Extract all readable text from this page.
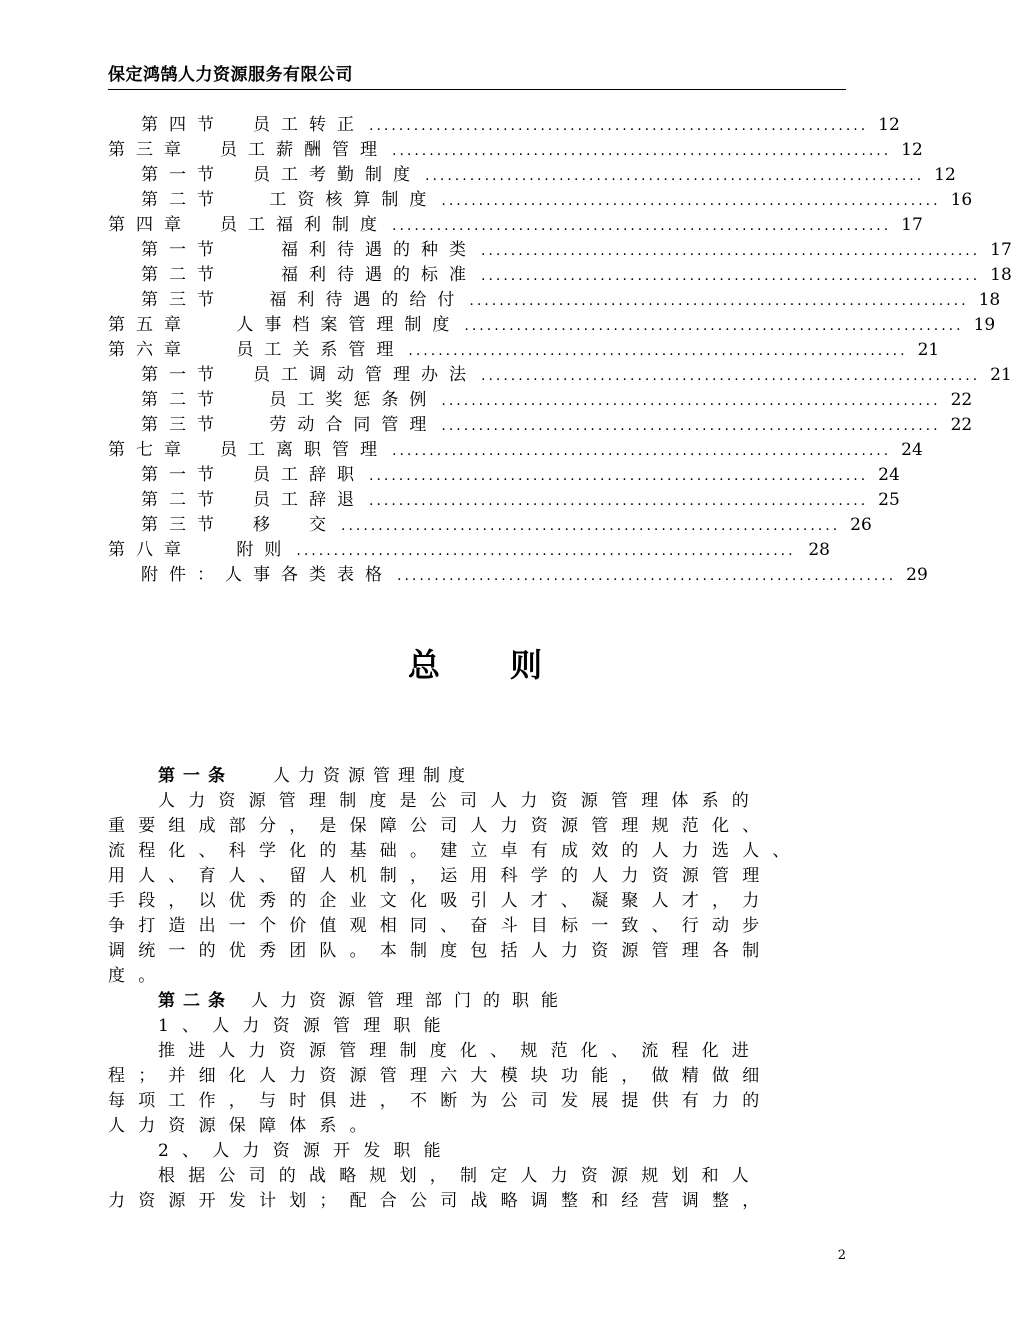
保定鸿鹄人力资源服务有限公司
第四节　员工转正 ................................................................... 12
第三章　员工薪酬管理 ................................................................... 12
第一节　员工考勤制度 ................................................................... 12
第二节　 工资核算制度 ................................................................... 16
第四章　员工福利制度 ................................................................... 17
第一节　　福利待遇的种类 ................................................................... 17
第二节　　福利待遇的标准 ................................................................... 18
第三节　 福利待遇的给付 ................................................................... 18
第五章　 人事档案管理制度 ................................................................... 19
第六章　 员工关系管理 ................................................................... 21
第一节　员工调动管理办法 ................................................................... 21
第二节　 员工奖惩条例 ................................................................... 22
第三节　 劳动合同管理 ................................................................... 22
第七章　员工离职管理 ................................................................... 24
第一节　员工辞职 ................................................................... 24
第二节　员工辞退 ................................................................... 25
第三节　移　交 ................................................................... 26
第八章　 附则 ................................................................... 28
附件：人事各类表格 ................................................................... 29
总则
第一条 人力资源管理制度
人力资源管理制度是公司人力资源管理体系的
重要组成部分，是保障公司人力资源管理规范化、
流程化、科学化的基础。建立卓有成效的人力选人、
用人、育人、留人机制，运用科学的人力资源管理
手段，以优秀的企业文化吸引人才、凝聚人才，力
争打造出一个价值观相同、奋斗目标一致、行动步
调统一的优秀团队。本制度包括人力资源管理各制
度。
第二条 人力资源管理部门的职能
1、人力资源管理职能
推进人力资源管理制度化、规范化、流程化进
程；并细化人力资源管理六大模块功能，做精做细
每项工作，与时俱进，不断为公司发展提供有力的
人力资源保障体系。
2、人力资源开发职能
根据公司的战略规划，制定人力资源规划和人
力资源开发计划；配合公司战略调整和经营调整，
2
